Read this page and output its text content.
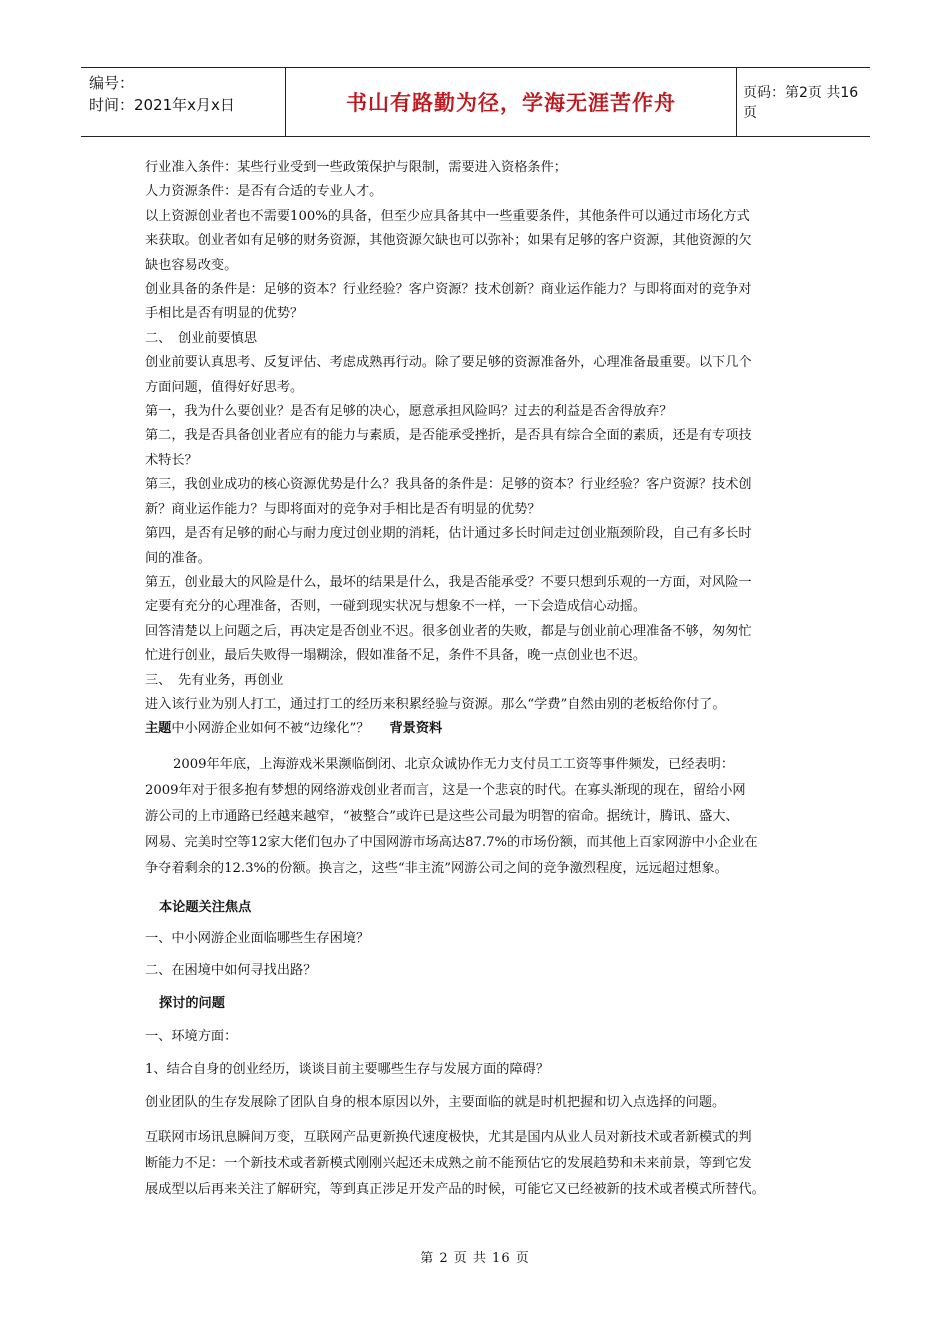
编号：
时间：2021年x月x日	书山有路勤为径，学海无涯苦作舟	页码：第2页 共16页

行业准入条件：某些行业受到一些政策保护与限制，需要进入资格条件；

人力资源条件：是否有合适的专业人才。

以上资源创业者也不需要100%的具备，但至少应具备其中一些重要条件，其他条件可以通过市场化方式

来获取。创业者如有足够的财务资源，其他资源欠缺也可以弥补；如果有足够的客户资源，其他资源的欠

缺也容易改变。

创业具备的条件是：足够的资本？行业经验？客户资源？技术创新？商业运作能力？与即将面对的竞争对

手相比是否有明显的优势？

二、　创业前要慎思

创业前要认真思考、反复评估、考虑成熟再行动。除了要足够的资源准备外，心理准备最重要。以下几个

方面问题，值得好好思考。

第一，我为什么要创业？是否有足够的决心，愿意承担风险吗？过去的利益是否舍得放弃？

第二，我是否具备创业者应有的能力与素质，是否能承受挫折，是否具有综合全面的素质，还是有专项技

术特长？

第三，我创业成功的核心资源优势是什么？我具备的条件是：足够的资本？行业经验？客户资源？技术创

新？商业运作能力？与即将面对的竞争对手相比是否有明显的优势？

第四，是否有足够的耐心与耐力度过创业期的消耗，估计通过多长时间走过创业瓶颈阶段，自己有多长时

间的准备。

第五，创业最大的风险是什么，最坏的结果是什么，我是否能承受？不要只想到乐观的一方面，对风险一

定要有充分的心理准备，否则，一碰到现实状况与想象不一样，一下会造成信心动摇。

回答清楚以上问题之后，再决定是否创业不迟。很多创业者的失败，都是与创业前心理准备不够，匆匆忙

忙进行创业，最后失败得一塌糊涂，假如准备不足，条件不具备，晚一点创业也不迟。

三、　先有业务，再创业

进入该行业为别人打工，通过打工的经历来积累经验与资源。那么“学费”自然由别的老板给你付了。

主题中小网游企业如何不被“边缘化”？ 背景资料

2009年年底，上海游戏米果濒临倒闭、北京众诚协作无力支付员工工资等事件频发，已经表明：

2009年对于很多抱有梦想的网络游戏创业者而言，这是一个悲哀的时代。在寡头渐现的现在，留给小网

游公司的上市通路已经越来越窄，“被整合”或许已是这些公司最为明智的宿命。据统计，腾讯、盛大、

网易、完美时空等12家大佬们包办了中国网游市场高达87.7%的市场份额，而其他上百家网游中小企业在

争夺着剩余的12.3%的份额。换言之，这些“非主流”网游公司之间的竞争激烈程度，远远超过想象。

本论题关注焦点

一、中小网游企业面临哪些生存困境？

二、在困境中如何寻找出路？

探讨的问题

一、环境方面：

1、结合自身的创业经历，谈谈目前主要哪些生存与发展方面的障碍？

创业团队的生存发展除了团队自身的根本原因以外，主要面临的就是时机把握和切入点选择的问题。

互联网市场讯息瞬间万变，互联网产品更新换代速度极快，尤其是国内从业人员对新技术或者新模式的判

断能力不足：一个新技术或者新模式刚刚兴起还未成熟之前不能预估它的发展趋势和未来前景，等到它发

展成型以后再来关注了解研究，等到真正涉足开发产品的时候，可能它又已经被新的技术或者模式所替代。

第 2 页 共 16 页
